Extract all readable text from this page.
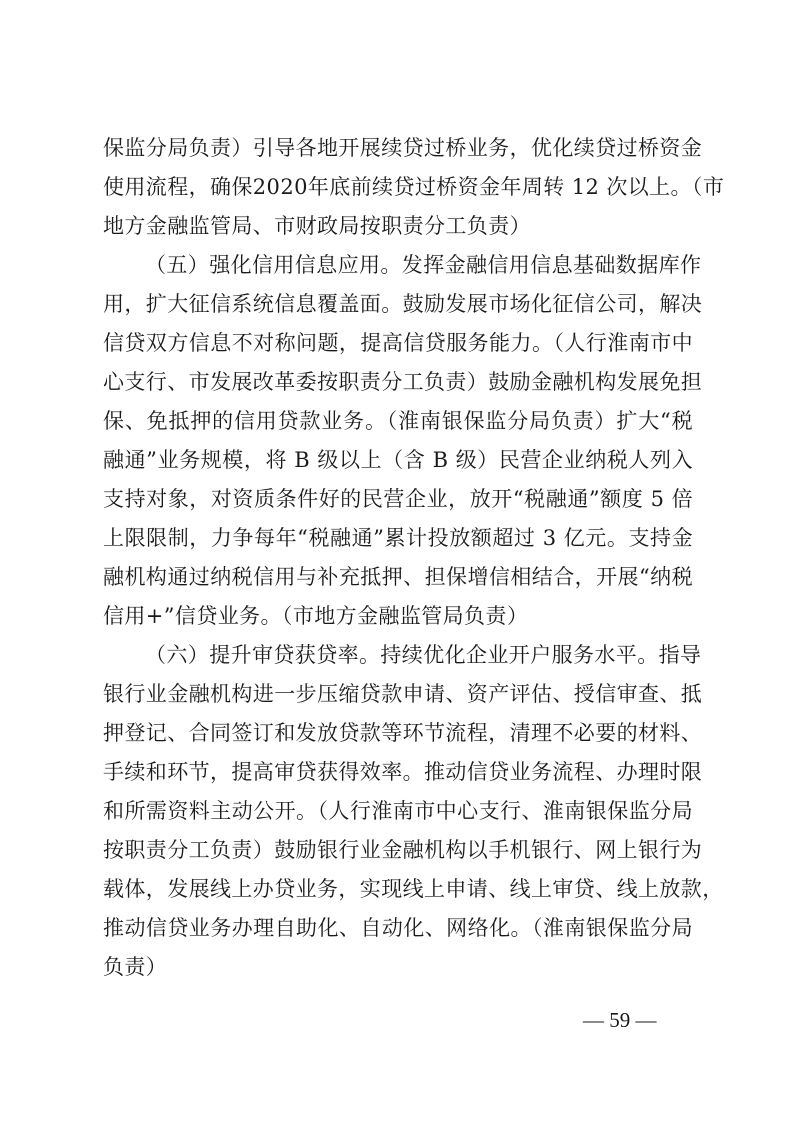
保监分局负责）引导各地开展续贷过桥业务，优化续贷过桥资金
使用流程，确保2020年底前续贷过桥资金年周转 12 次以上。（市
地方金融监管局、市财政局按职责分工负责）
（五）强化信用信息应用。发挥金融信用信息基础数据库作
用，扩大征信系统信息覆盖面。鼓励发展市场化征信公司，解决
信贷双方信息不对称问题，提高信贷服务能力。（人行淮南市中
心支行、市发展改革委按职责分工负责）鼓励金融机构发展免担
保、免抵押的信用贷款业务。（淮南银保监分局负责）扩大“税
融通”业务规模，将 B 级以上（含 B 级）民营企业纳税人列入
支持对象，对资质条件好的民营企业，放开“税融通”额度 5 倍
上限限制，力争每年“税融通”累计投放额超过 3 亿元。支持金
融机构通过纳税信用与补充抵押、担保增信相结合，开展“纳税
信用+”信贷业务。（市地方金融监管局负责）
（六）提升审贷获贷率。持续优化企业开户服务水平。指导
银行业金融机构进一步压缩贷款申请、资产评估、授信审查、抵
押登记、合同签订和发放贷款等环节流程，清理不必要的材料、
手续和环节，提高审贷获得效率。推动信贷业务流程、办理时限
和所需资料主动公开。（人行淮南市中心支行、淮南银保监分局
按职责分工负责）鼓励银行业金融机构以手机银行、网上银行为
载体，发展线上办贷业务，实现线上申请、线上审贷、线上放款，
推动信贷业务办理自助化、自动化、网络化。（淮南银保监分局
负责）
— 59 —
